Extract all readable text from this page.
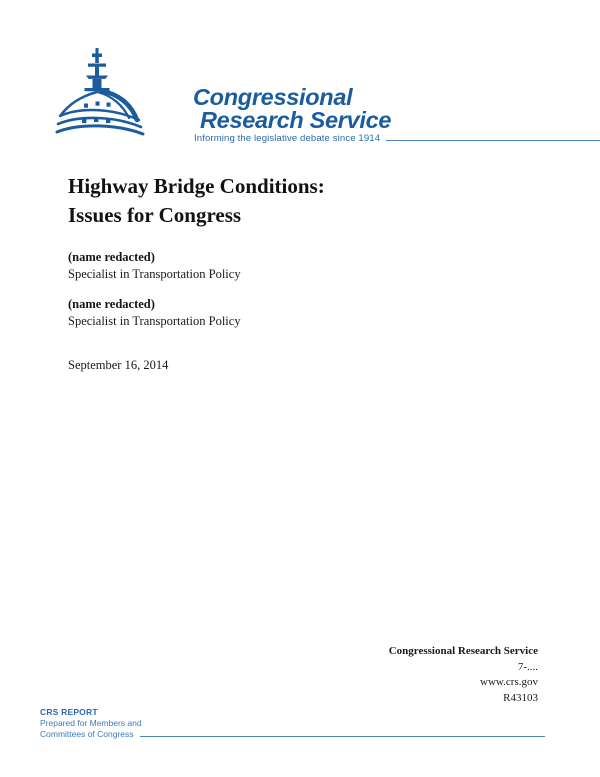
Congressional
Research Service
Informing the legislative debate since 1914
Highway Bridge Conditions:
Issues for Congress
(name redacted)
Specialist in Transportation Policy
(name redacted)
Specialist in Transportation Policy
September 16, 2014
Congressional Research Service
7-....
www.crs.gov
R43103
CRS REPORT
Prepared for Members and
Committees of Congress
